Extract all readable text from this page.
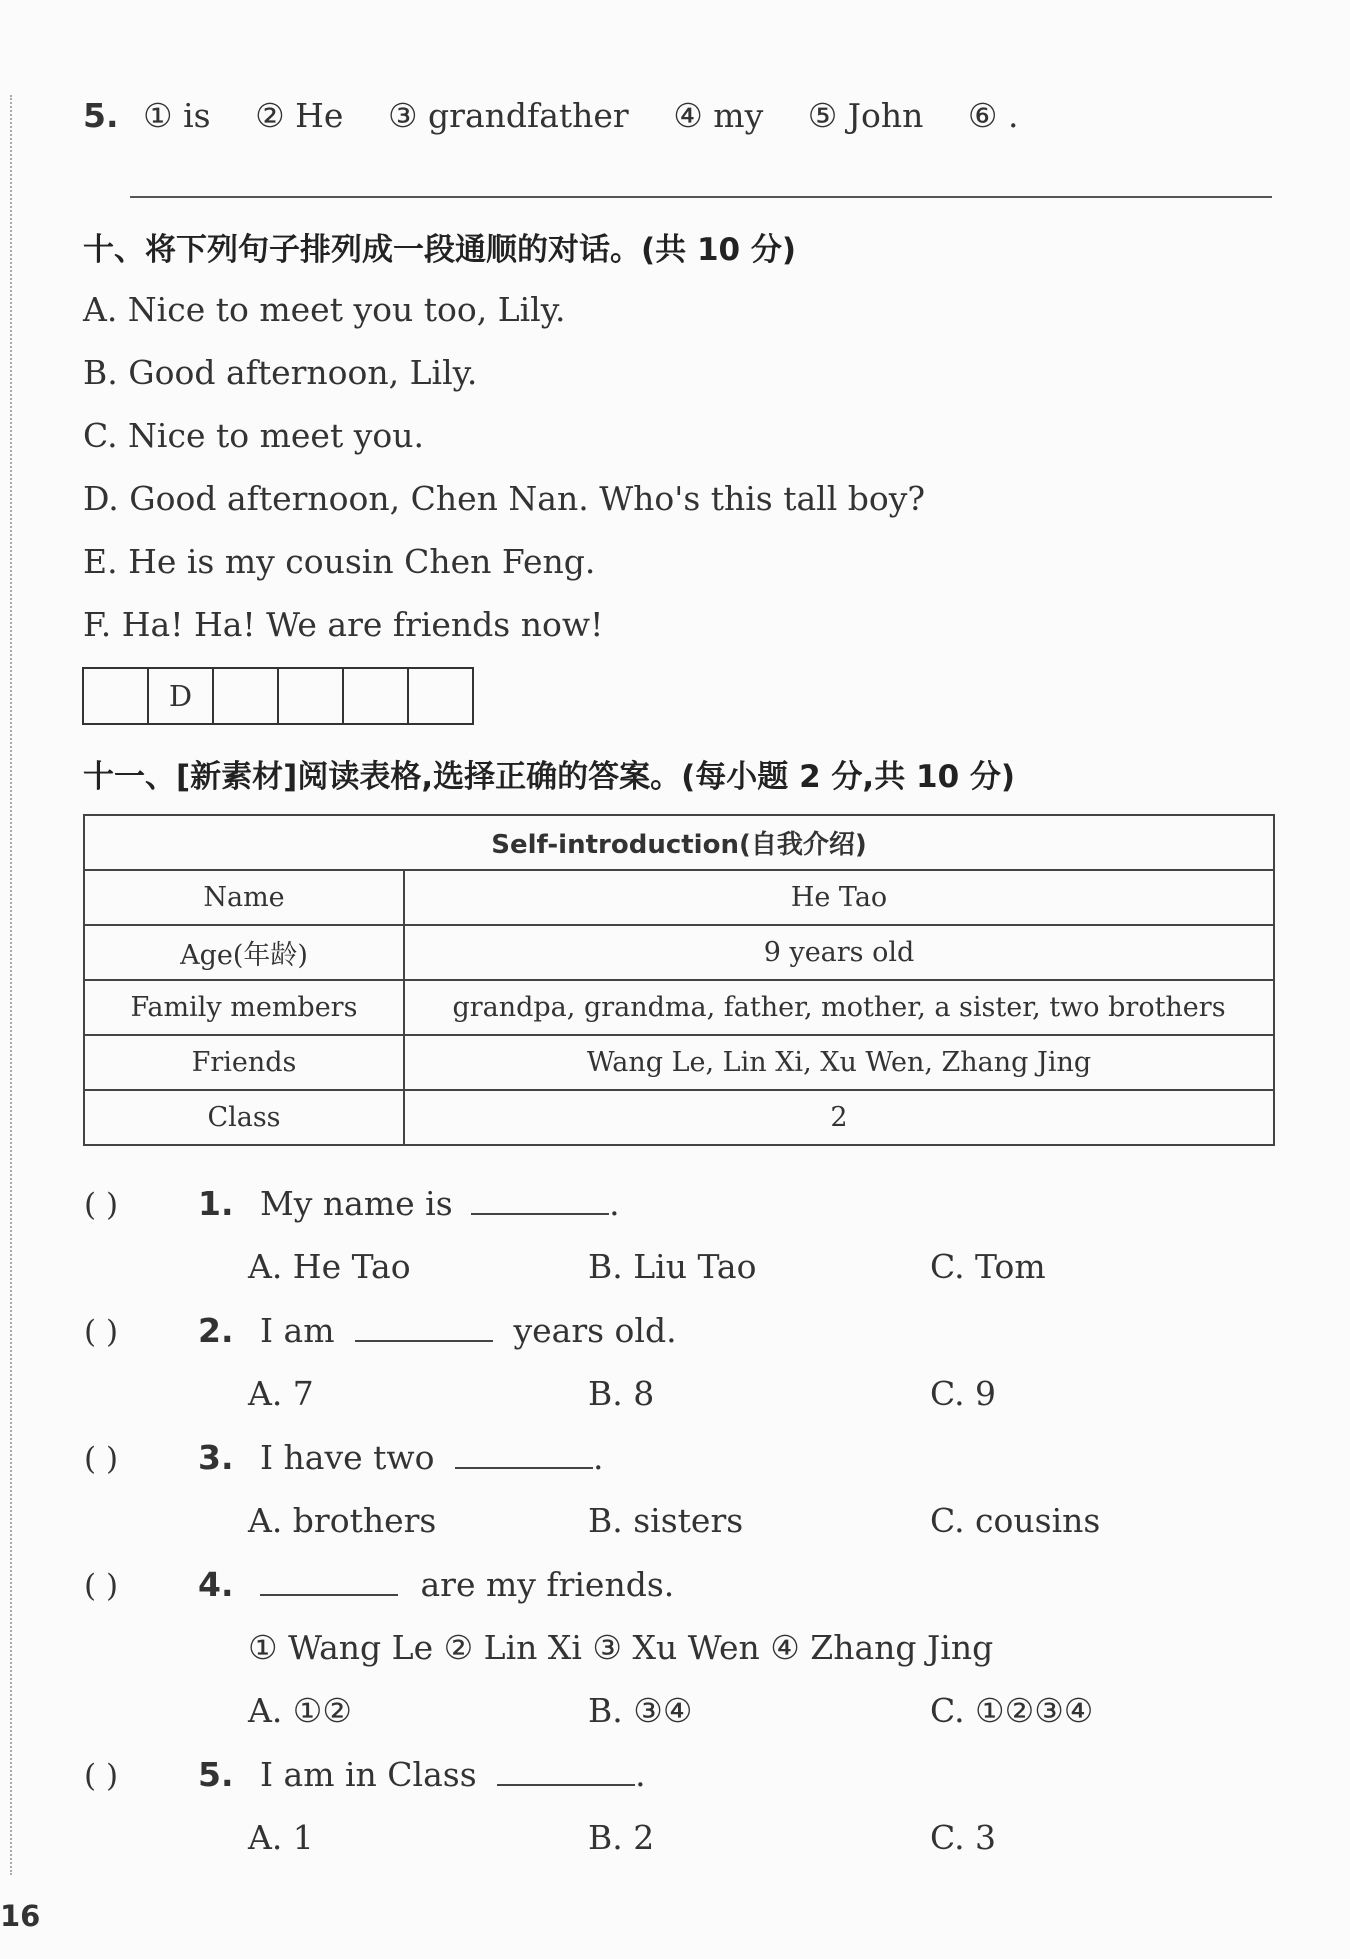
5. ① is ② He ③ grandfather ④ my ⑤ John ⑥ .
十、将下列句子排列成一段通顺的对话。(共 10 分)
A. Nice to meet you too, Lily.
B. Good afternoon, Lily.
C. Nice to meet you.
D. Good afternoon, Chen Nan. Who's this tall boy?
E. He is my cousin Chen Feng.
F. Ha! Ha! We are friends now!
D
十一、[新素材]阅读表格,选择正确的答案。(每小题 2 分,共 10 分)
Self-introduction(自我介绍)	
Name	He Tao
Age(年龄)	9 years old
Family members	grandpa, grandma, father, mother, a sister, two brothers
Friends	Wang Le, Lin Xi, Xu Wen, Zhang Jing
Class	2
( ) 1. My name is	.
A. He Tao	B. Liu Tao	C. Tom
( ) 2. I am	years old.
A. 7	B. 8	C. 9
( ) 3. I have two	.
A. brothers	B. sisters	C. cousins
( ) 4.	are my friends.
① Wang Le ② Lin Xi ③ Xu Wen ④ Zhang Jing
A. ①②	B. ③④	C. ①②③④
( ) 5. I am in Class	.
A. 1	B. 2	C. 3
16
